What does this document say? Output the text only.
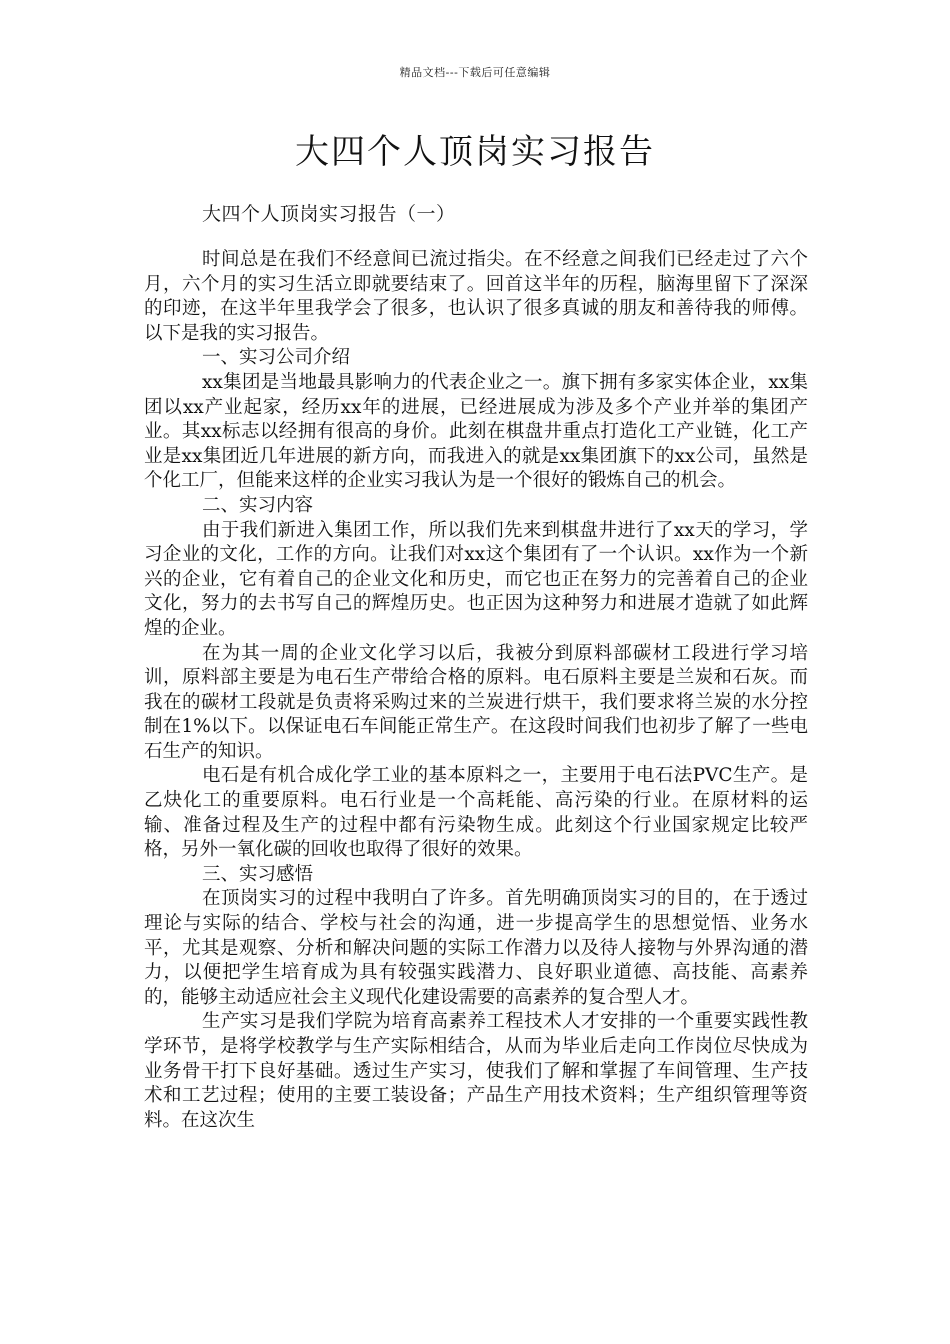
精品文档---下载后可任意编辑
大四个人顶岗实习报告
大四个人顶岗实习报告（一）

时间总是在我们不经意间已流过指尖。在不经意之间我们已经走过了六个月，六个月的实习生活立即就要结束了。回首这半年的历程，脑海里留下了深深的印迹，在这半年里我学会了很多，也认识了很多真诚的朋友和善待我的师傅。以下是我的实习报告。

一、实习公司介绍

xx集团是当地最具影响力的代表企业之一。旗下拥有多家实体企业，xx集团以xx产业起家，经历xx年的进展，已经进展成为涉及多个产业并举的集团产业。其xx标志以经拥有很高的身价。此刻在棋盘井重点打造化工产业链，化工产业是xx集团近几年进展的新方向，而我进入的就是xx集团旗下的xx公司，虽然是个化工厂，但能来这样的企业实习我认为是一个很好的锻炼自己的机会。

二、实习内容

由于我们新进入集团工作，所以我们先来到棋盘井进行了xx天的学习，学习企业的文化，工作的方向。让我们对xx这个集团有了一个认识。xx作为一个新兴的企业，它有着自己的企业文化和历史，而它也正在努力的完善着自己的企业文化，努力的去书写自己的辉煌历史。也正因为这种努力和进展才造就了如此辉煌的企业。

在为其一周的企业文化学习以后，我被分到原料部碳材工段进行学习培训，原料部主要是为电石生产带给合格的原料。电石原料主要是兰炭和石灰。而我在的碳材工段就是负责将采购过来的兰炭进行烘干，我们要求将兰炭的水分控制在1%以下。以保证电石车间能正常生产。在这段时间我们也初步了解了一些电石生产的知识。

电石是有机合成化学工业的基本原料之一，主要用于电石法PVC生产。是乙炔化工的重要原料。电石行业是一个高耗能、高污染的行业。在原材料的运输、准备过程及生产的过程中都有污染物生成。此刻这个行业国家规定比较严格，另外一氧化碳的回收也取得了很好的效果。

三、实习感悟

在顶岗实习的过程中我明白了许多。首先明确顶岗实习的目的，在于透过理论与实际的结合、学校与社会的沟通，进一步提高学生的思想觉悟、业务水平，尤其是观察、分析和解决问题的实际工作潜力以及待人接物与外界沟通的潜力，以便把学生培育成为具有较强实践潜力、良好职业道德、高技能、高素养的，能够主动适应社会主义现代化建设需要的高素养的复合型人才。

生产实习是我们学院为培育高素养工程技术人才安排的一个重要实践性教学环节，是将学校教学与生产实际相结合，从而为毕业后走向工作岗位尽快成为业务骨干打下良好基础。透过生产实习，使我们了解和掌握了车间管理、生产技术和工艺过程；使用的主要工装设备；产品生产用技术资料；生产组织管理等资料。在这次生
